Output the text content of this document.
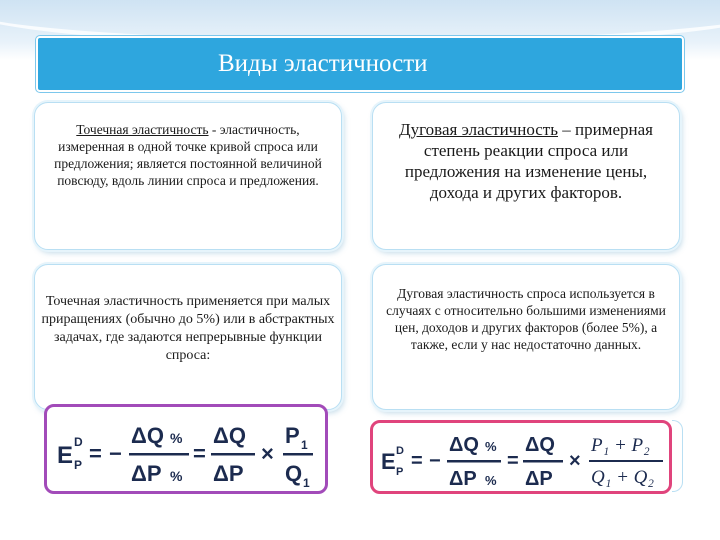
Виды эластичности
Точечная эластичность - эластичность, измеренная в одной точке кривой спроса или предложения; является постоянной величиной повсюду, вдоль линии спроса и предложения.
Дуговая эластичность – примерная степень реакции спроса или предложения на изменение цены, дохода и других факторов.
Точечная эластичность применяется при малых приращениях (обычно до 5%) или в абстрактных задачах, где задаются непрерывные функции спроса:
Дуговая эластичность спроса используется в случаях с относительно большими изменениями цен, доходов и других факторов (более 5%), а также, если у нас недостаточно данных.
E D
P = −
ΔQ %
ΔP %
=
ΔQ
ΔP
×
P 1
Q 1
E D
P = −
ΔQ %
ΔP %
=
ΔQ
ΔP
×
P₁ + P₂
Q₁ + Q₂
